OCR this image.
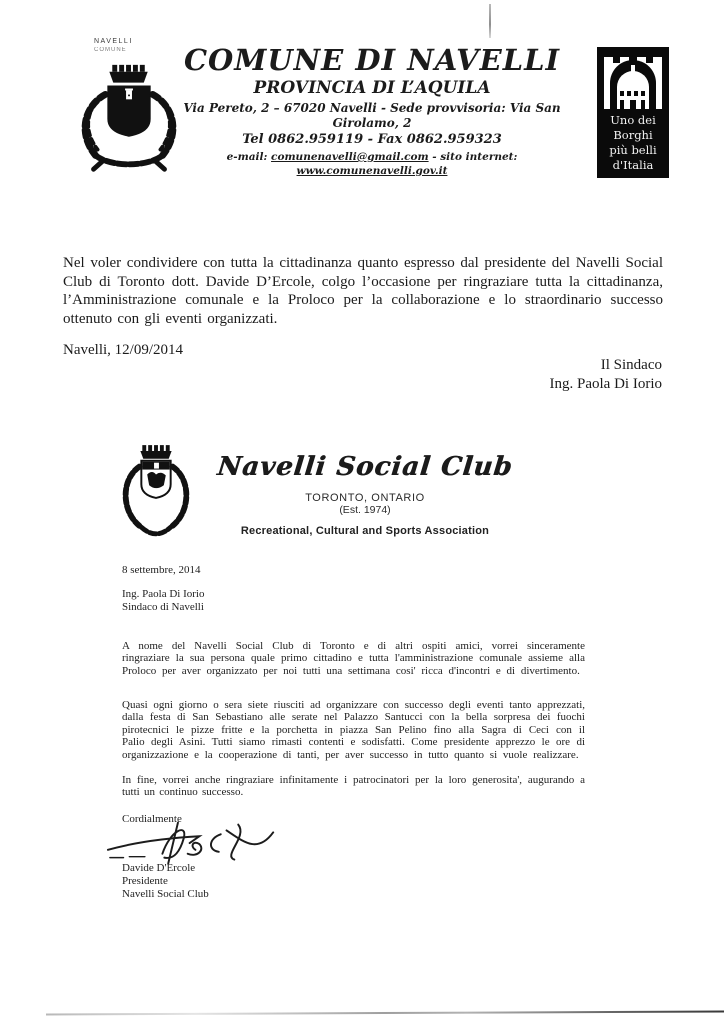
NAVELLI
COMUNE	COMUNE DI NAVELLI
PROVINCIA DI L’AQUILA
Via Pereto, 2 – 67020 Navelli - Sede provvisoria: Via San Girolamo, 2
Tel 0862.959119 - Fax 0862.959323
e-mail: comunenavelli@gmail.com - sito internet: www.comunenavelli.gov.it
Uno dei
Borghi
più belli
d'Italia

Nel voler condividere con tutta la cittadinanza quanto espresso dal presidente del Navelli Social Club di Toronto dott. Davide D’Ercole, colgo l’occasione per ringraziare tutta la cittadinanza, l’Amministrazione comunale e la Proloco per la collaborazione e lo straordinario successo ottenuto con gli eventi organizzati.

Navelli, 12/09/2014
Il Sindaco
Ing. Paola Di Iorio
Navelli Social Club
TORONTO, ONTARIO
(Est. 1974)
Recreational, Cultural and Sports Association
8 settembre, 2014
Ing. Paola Di Iorio
Sindaco di Navelli

A nome del Navelli Social Club di Toronto e di altri ospiti amici, vorrei sinceramente ringraziare la sua persona quale primo cittadino e tutta l'amministrazione comunale assieme alla Proloco per aver organizzato per noi tutti una settimana cosi' ricca d'incontri e di divertimento.

Quasi ogni giorno o sera siete riusciti ad organizzare con successo degli eventi tanto apprezzati, dalla festa di San Sebastiano alle serate nel Palazzo Santucci con la bella sorpresa dei fuochi pirotecnici le pizze fritte e la porchetta in piazza San Pelino fino alla Sagra di Ceci con il Palio degli Asini. Tutti siamo rimasti contenti e sodisfatti. Come presidente apprezzo le ore di organizzazione e la cooperazione di tanti, per aver successo in tutto quanto si vuole realizzare.

In fine, vorrei anche ringraziare infinitamente i patrocinatori per la loro generosita', augurando a tutti un continuo successo.

Cordialmente
Davide D'Ercole
Presidente
Navelli Social Club
